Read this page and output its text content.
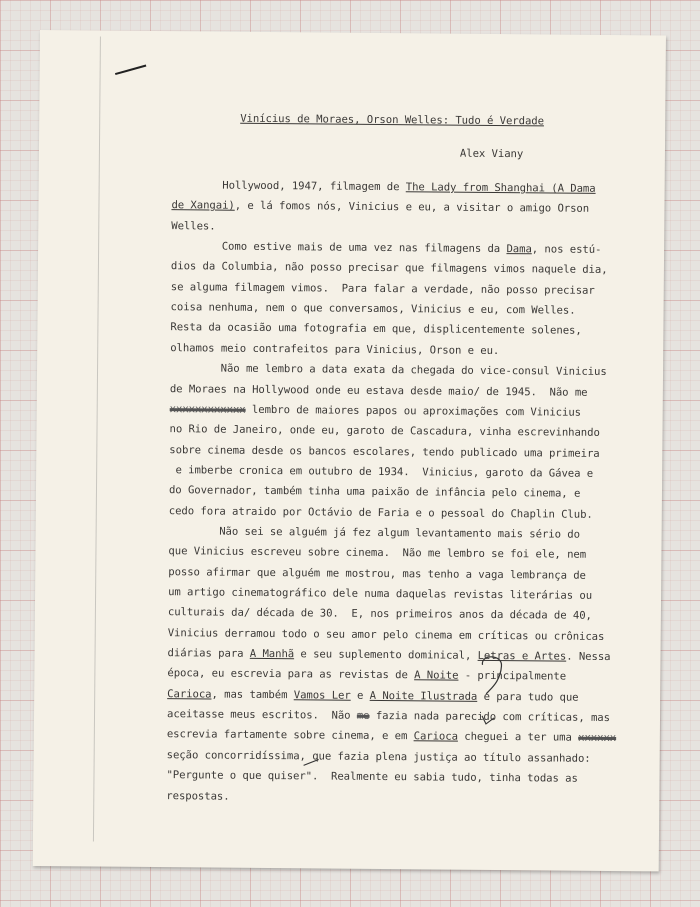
Vinícius de Moraes, Orson Welles: Tudo é Verdade
Alex Viany
Hollywood, 1947, filmagem de The Lady from Shanghai (A Dama
de Xangai), e lá fomos nós, Vinicius e eu, a visitar o amigo Orson
Welles.
Como estive mais de uma vez nas filmagens da Dama, nos estú-
dios da Columbia, não posso precisar que filmagens vimos naquele dia,
se alguma filmagem vimos.  Para falar a verdade, não posso precisar
coisa nenhuma, nem o que conversamos, Vinicius e eu, com Welles.
Resta da ocasião uma fotografia em que, displicentemente solenes,
olhamos meio contrafeitos para Vinicius, Orson e eu.
Não me lembro a data exata da chegada do vice-consul Vinicius
de Moraes na Hollywood onde eu estava desde maio/ de 1945.  Não me
xxxxxxxxxxxx lembro de maiores papos ou aproximações com Vinicius
no Rio de Janeiro, onde eu, garoto de Cascadura, vinha escrevinhando
sobre cinema desde os bancos escolares, tendo publicado uma primeira
e imberbe cronica em outubro de 1934.  Vinicius, garoto da Gávea e
do Governador, também tinha uma paixão de infância pelo cinema, e
cedo fora atraido por Octávio de Faria e o pessoal do Chaplin Club.
Não sei se alguém já fez algum levantamento mais sério do
que Vinicius escreveu sobre cinema.  Não me lembro se foi ele, nem
posso afirmar que alguém me mostrou, mas tenho a vaga lembrança de
um artigo cinematográfico dele numa daquelas revistas literárias ou
culturais da/ década de 30.  E, nos primeiros anos da década de 40,
Vinicius derramou todo o seu amor pelo cinema em críticas ou crônicas
diárias para A Manhã e seu suplemento dominical, Letras e Artes. Nessa
época, eu escrevia para as revistas de A Noite - principalmente
Carioca, mas também Vamos Ler e A Noite Ilustrada e para tudo que
aceitasse meus escritos.  Não me fazia nada parecido com críticas, mas
escrevia fartamente sobre cinema, e em Carioca cheguei a ter uma xxxxxx
seção concorridíssima, que fazia plena justiça ao título assanhado:
"Pergunte o que quiser".  Realmente eu sabia tudo, tinha todas as
respostas.
